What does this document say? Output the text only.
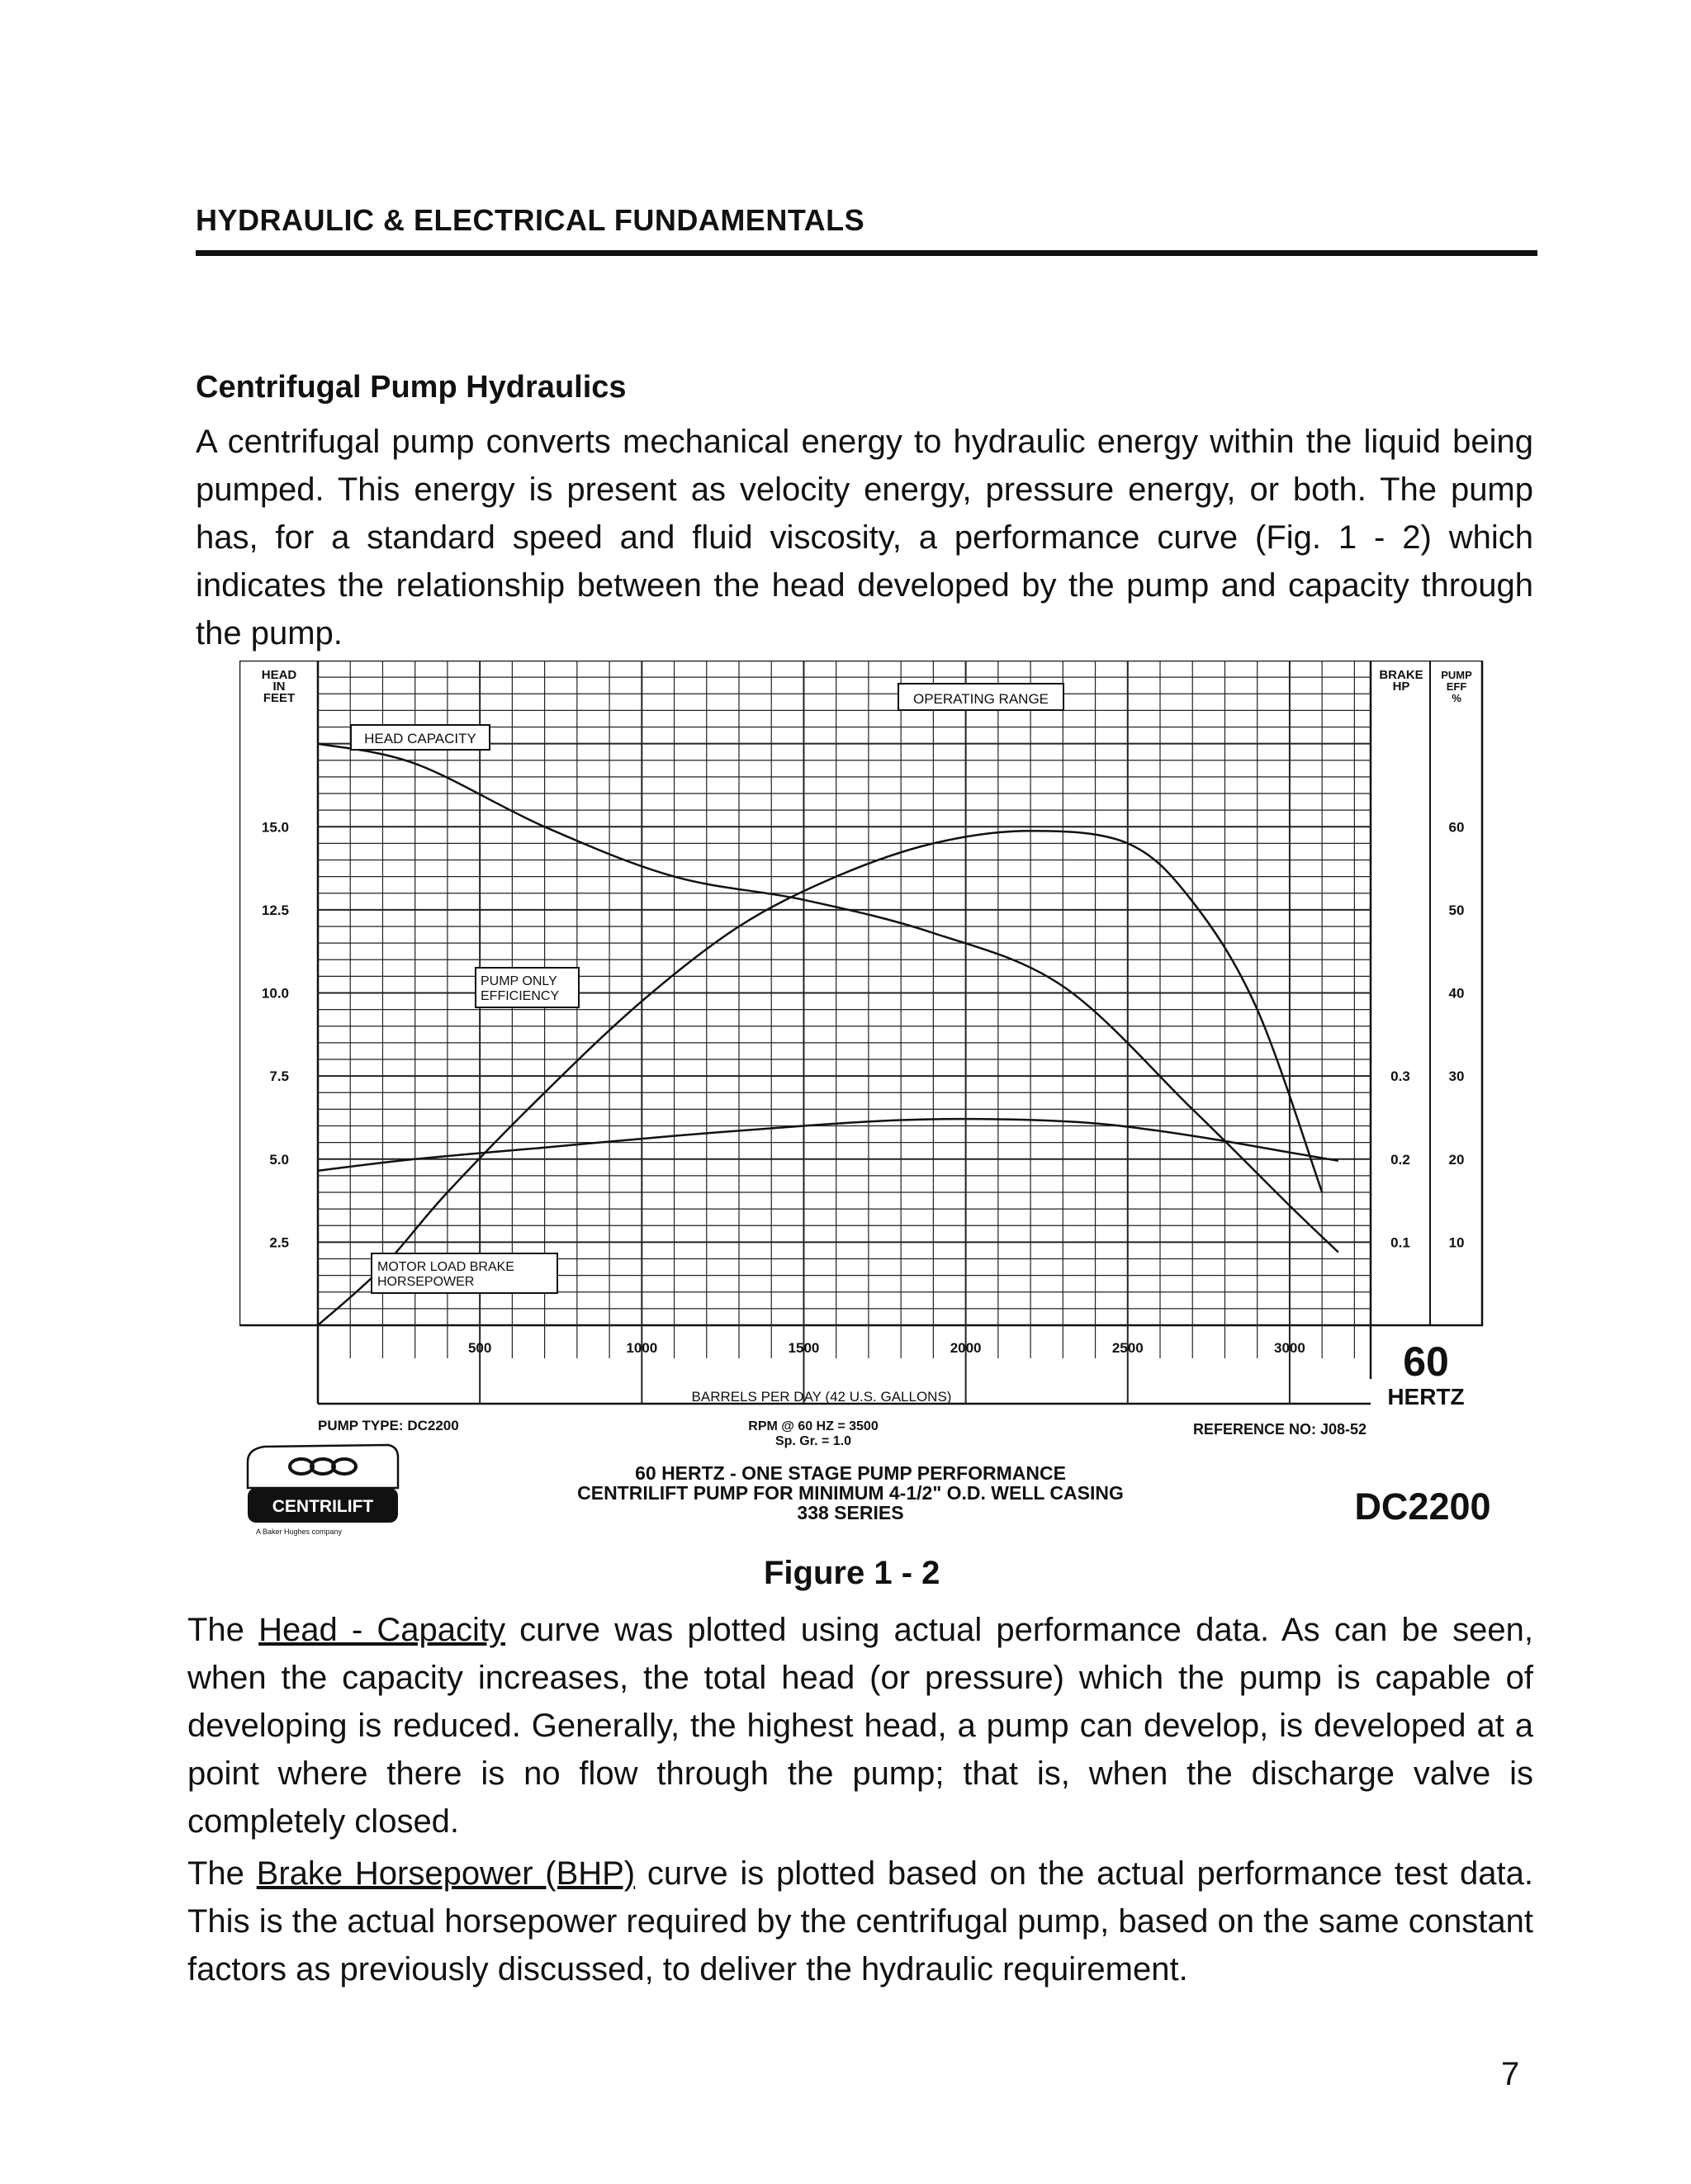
HYDRAULIC & ELECTRICAL FUNDAMENTALS
Centrifugal Pump Hydraulics
A centrifugal pump converts mechanical energy to hydraulic energy within the liquid being pumped. This energy is present as velocity energy, pressure energy, or both. The pump has, for a standard speed and fluid viscosity, a performance curve (Fig. 1 - 2) which indicates the relationship between the head developed by the pump and capacity through the pump.
HEAD IN FEET
BRAKE HP
PUMP EFF %
15.0
12.5
10.0
7.5
5.0
2.5
0.3
0.2
0.1
60
50
40
30
20
10
500	1000	1500	2000	2500	3000
OPERATING RANGE
HEAD CAPACITY
PUMP ONLY EFFICIENCY
MOTOR LOAD BRAKE HORSEPOWER
BARRELS PER DAY (42 U.S. GALLONS)
60
HERTZ
PUMP TYPE: DC2200	RPM @ 60 HZ = 3500
Sp. Gr. = 1.0
REFERENCE NO: J08-52
CENTRILIFT
A Baker Hughes company
60 HERTZ - ONE STAGE PUMP PERFORMANCE
CENTRILIFT PUMP FOR MINIMUM 4-1/2" O.D. WELL CASING
338 SERIES	DC2200
Figure 1 - 2
The Head - Capacity curve was plotted using actual performance data. As can be seen, when the capacity increases, the total head (or pressure) which the pump is capable of developing is reduced. Generally, the highest head, a pump can develop, is developed at a point where there is no flow through the pump; that is, when the discharge valve is completely closed.
The Brake Horsepower (BHP) curve is plotted based on the actual performance test data. This is the actual horsepower required by the centrifugal pump, based on the same constant factors as previously discussed, to deliver the hydraulic requirement.
7
